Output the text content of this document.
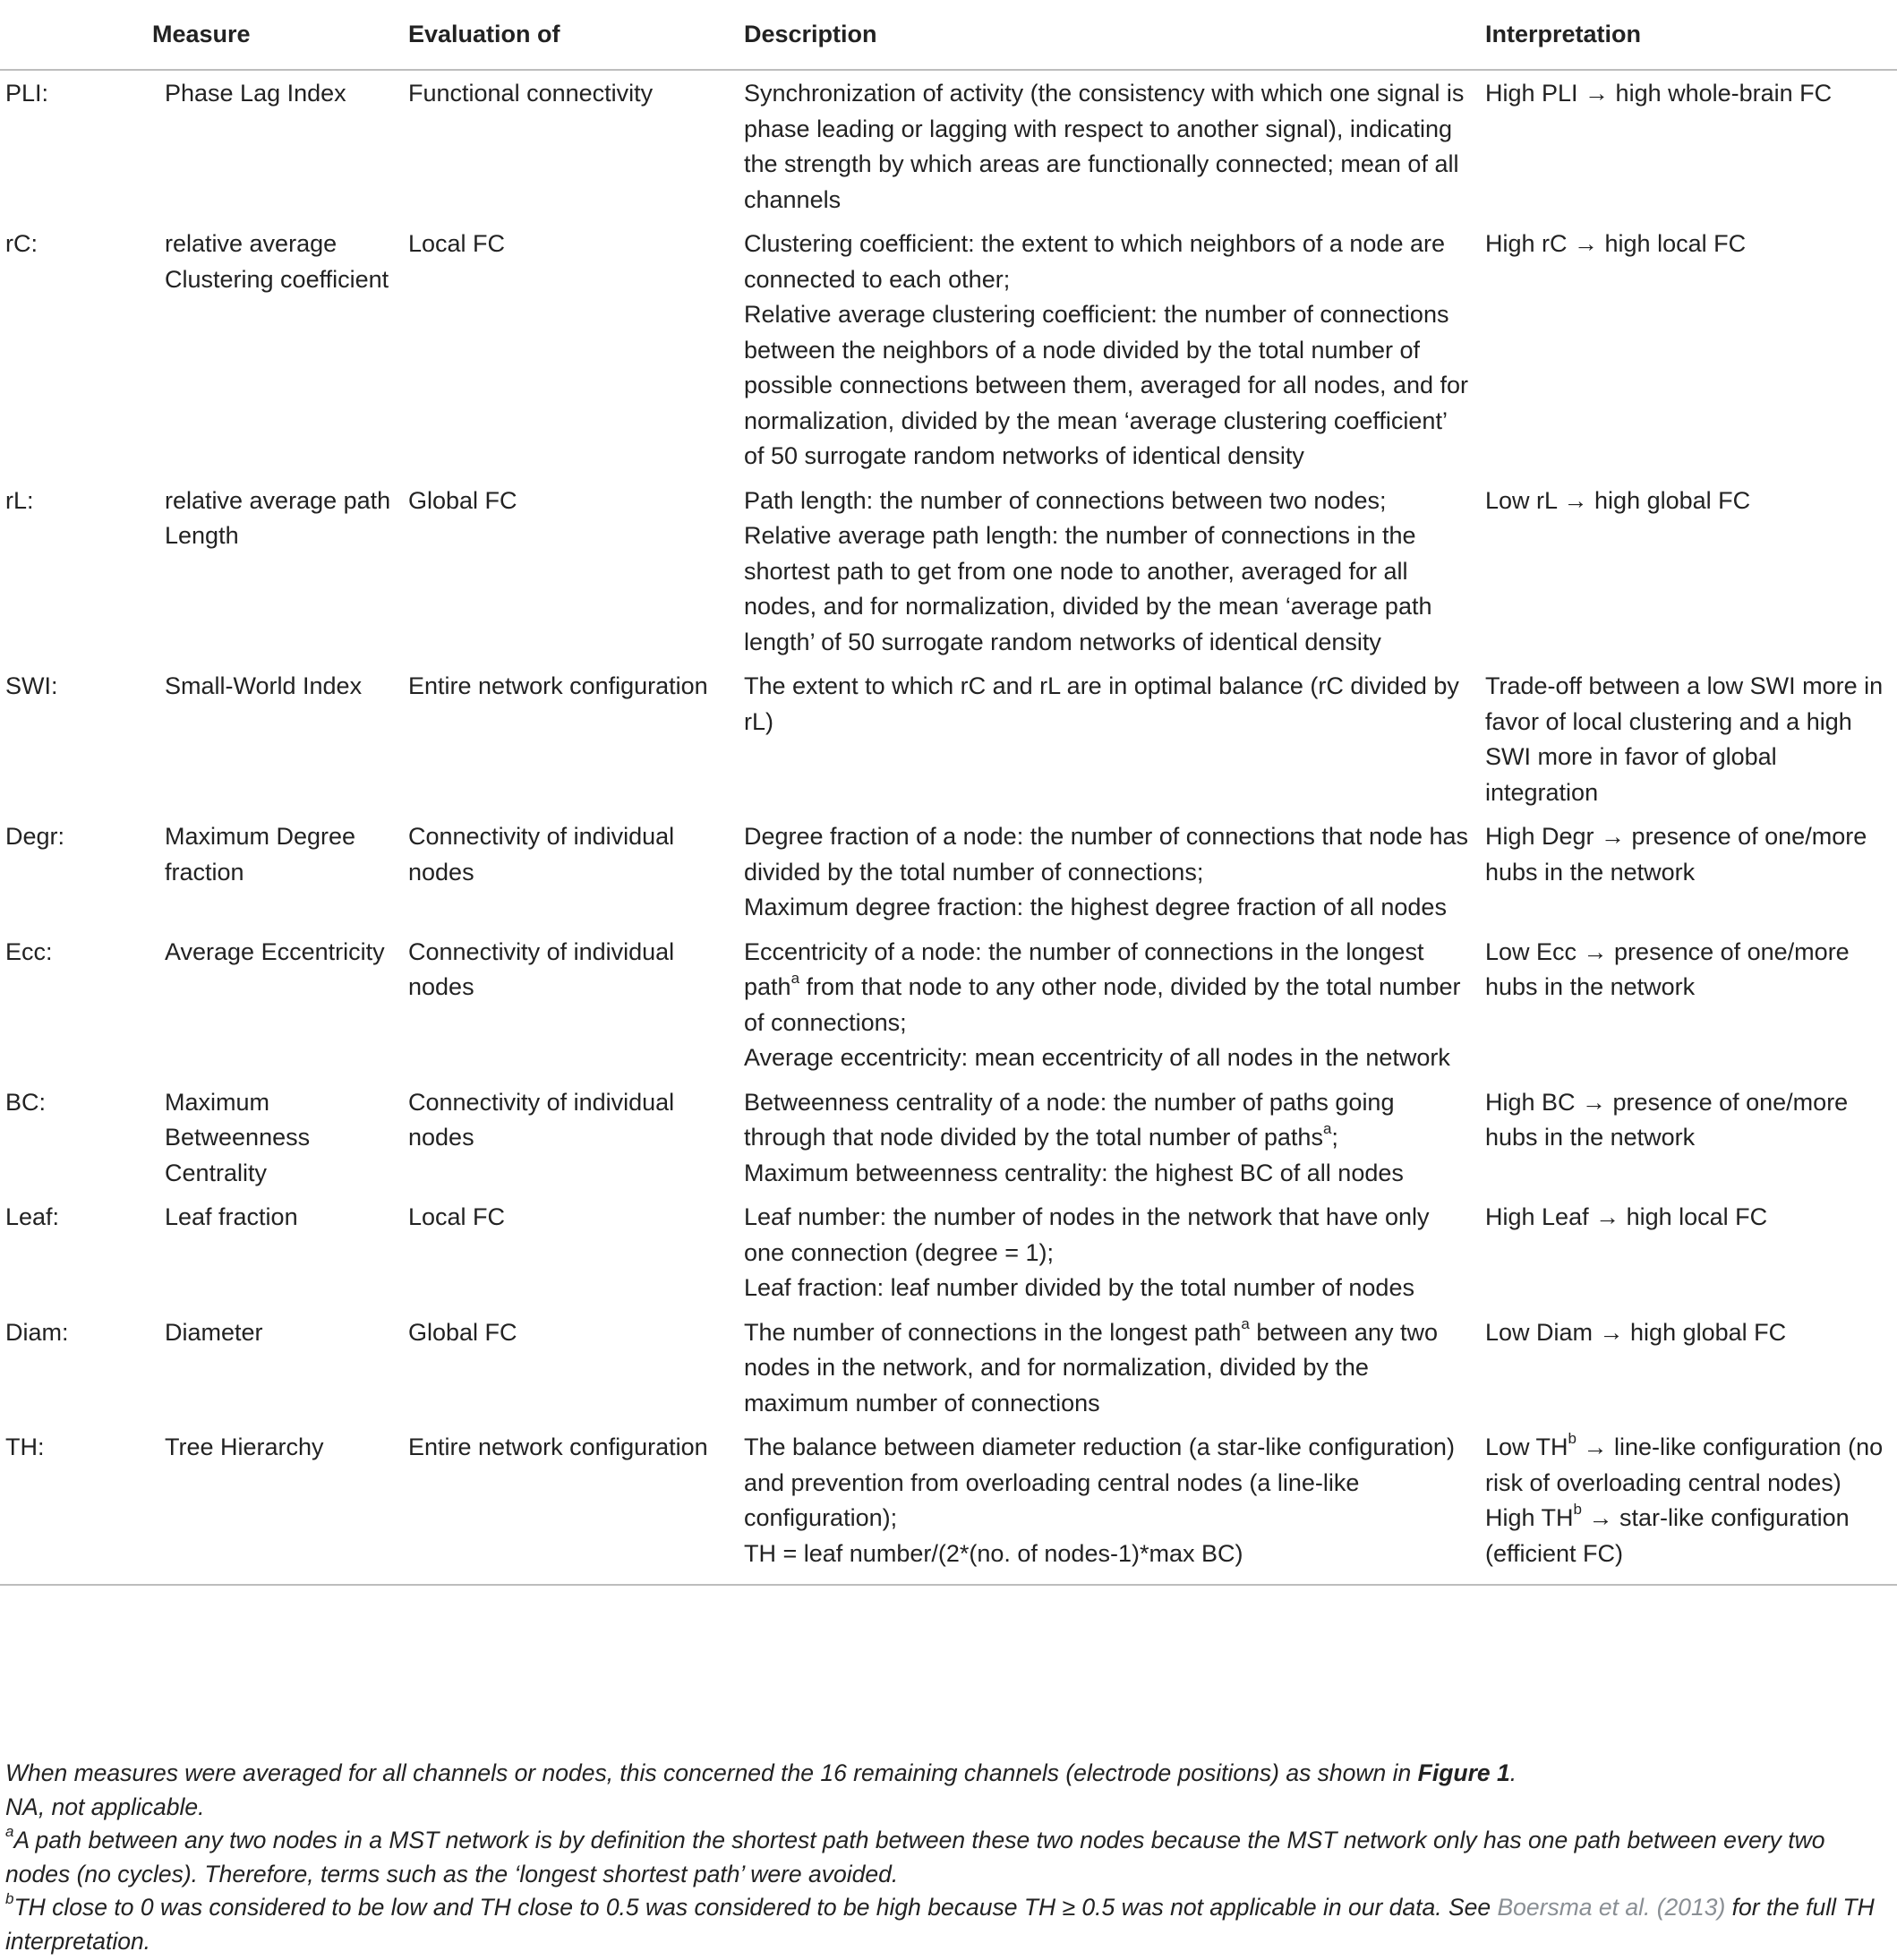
	Measure	Evaluation of	Description	Interpretation
PLI:	Phase Lag Index	Functional connectivity	Synchronization of activity (the consistency with which one signal is phase leading or lagging with respect to another signal), indicating the strength by which areas are functionally connected; mean of all channels	High PLI → high whole-brain FC

rC:	relative average Clustering coefficient	Local FC	Clustering coefficient: the extent to which neighbors of a node are connected to each other;
Relative average clustering coefficient: the number of connections between the neighbors of a node divided by the total number of possible connections between them, averaged for all nodes, and for normalization, divided by the mean ‘average clustering coefficient’ of 50 surrogate random networks of identical density	High rC → high local FC

rL:	relative average path Length	Global FC	Path length: the number of connections between two nodes;
Relative average path length: the number of connections in the shortest path to get from one node to another, averaged for all nodes, and for normalization, divided by the mean ‘average path length’ of 50 surrogate random networks of identical density	Low rL → high global FC

SWI:	Small-World Index	Entire network configuration	The extent to which rC and rL are in optimal balance (rC divided by rL)	Trade-off between a low SWI more in favor of local clustering and a high SWI more in favor of global integration

Degr:	Maximum Degree fraction	Connectivity of individual nodes	Degree fraction of a node: the number of connections that node has divided by the total number of connections;
Maximum degree fraction: the highest degree fraction of all nodes	High Degr → presence of one/more hubs in the network

Ecc:	Average Eccentricity	Connectivity of individual nodes	Eccentricity of a node: the number of connections in the longest path$^a$ from that node to any other node, divided by the total number of connections;
Average eccentricity: mean eccentricity of all nodes in the network	Low Ecc → presence of one/more hubs in the network

BC:	Maximum Betweenness Centrality	Connectivity of individual nodes	Betweenness centrality of a node: the number of paths going through that node divided by the total number of paths$^a$;
Maximum betweenness centrality: the highest BC of all nodes	High BC → presence of one/more hubs in the network

Leaf:	Leaf fraction	Local FC	Leaf number: the number of nodes in the network that have only one connection (degree = 1);
Leaf fraction: leaf number divided by the total number of nodes	High Leaf → high local FC

Diam:	Diameter	Global FC	The number of connections in the longest path$^a$ between any two nodes in the network, and for normalization, divided by the maximum number of connections	Low Diam → high global FC

TH:	Tree Hierarchy	Entire network configuration	The balance between diameter reduction (a star-like configuration) and prevention from overloading central nodes (a line-like configuration);
TH = leaf number/(2*(no. of nodes-1)*max BC)	Low $TH^b$ → line-like configuration (no risk of overloading central nodes)
High $TH^b$ → star-like configuration (efficient FC)

When measures were averaged for all channels or nodes, this concerned the 16 remaining channels (electrode positions) as shown in Figure 1.

NA, not applicable.

$^a$A path between any two nodes in a MST network is by definition the shortest path between these two nodes because the MST network only has one path between every two nodes (no cycles). Therefore, terms such as the ‘longest shortest path’ were avoided.

$^b$TH close to 0 was considered to be low and TH close to 0.5 was considered to be high because TH ≥ 0.5 was not applicable in our data. See Boersma et al. (2013) for the full TH interpretation.
